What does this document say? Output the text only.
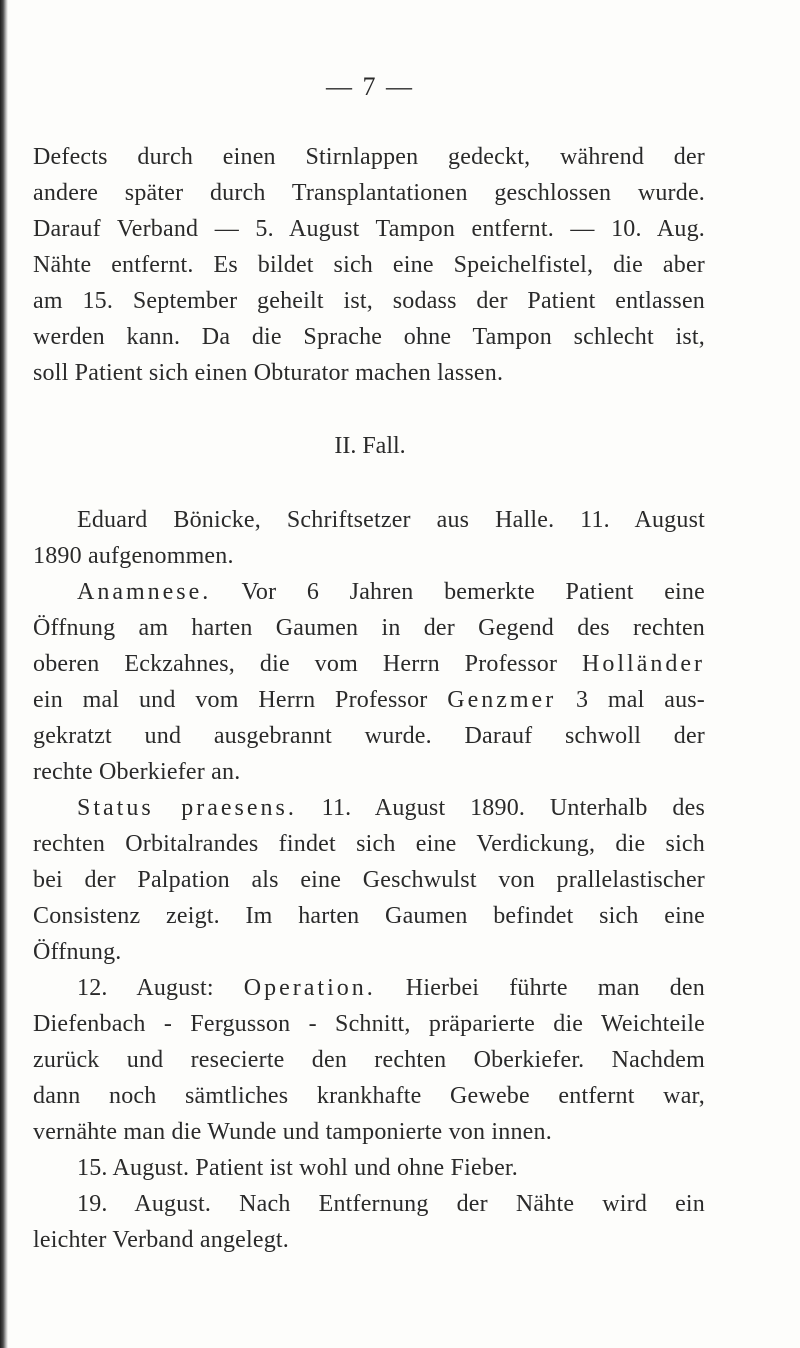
— 7 —
Defects durch einen Stirnlappen gedeckt, während der
andere später durch Transplantationen geschlossen wurde.
Darauf Verband — 5. August Tampon entfernt. — 10. Aug.
Nähte entfernt. Es bildet sich eine Speichelfistel, die aber
am 15. September geheilt ist, sodass der Patient entlassen
werden kann. Da die Sprache ohne Tampon schlecht ist,
soll Patient sich einen Obturator machen lassen.
II. Fall.
Eduard Bönicke, Schriftsetzer aus Halle. 11. August
1890 aufgenommen.
Anamnese. Vor 6 Jahren bemerkte Patient eine
Öffnung am harten Gaumen in der Gegend des rechten
oberen Eckzahnes, die vom Herrn Professor Holländer
ein mal und vom Herrn Professor Genzmer 3 mal aus-
gekratzt und ausgebrannt wurde. Darauf schwoll der
rechte Oberkiefer an.
Status praesens. 11. August 1890. Unterhalb des
rechten Orbitalrandes findet sich eine Verdickung, die sich
bei der Palpation als eine Geschwulst von prallelastischer
Consistenz zeigt. Im harten Gaumen befindet sich eine
Öffnung.
12. August: Operation. Hierbei führte man den
Diefenbach - Fergusson - Schnitt, präparierte die Weichteile
zurück und resecierte den rechten Oberkiefer. Nachdem
dann noch sämtliches krankhafte Gewebe entfernt war,
vernähte man die Wunde und tamponierte von innen.
15. August. Patient ist wohl und ohne Fieber.
19. August. Nach Entfernung der Nähte wird ein
leichter Verband angelegt.
